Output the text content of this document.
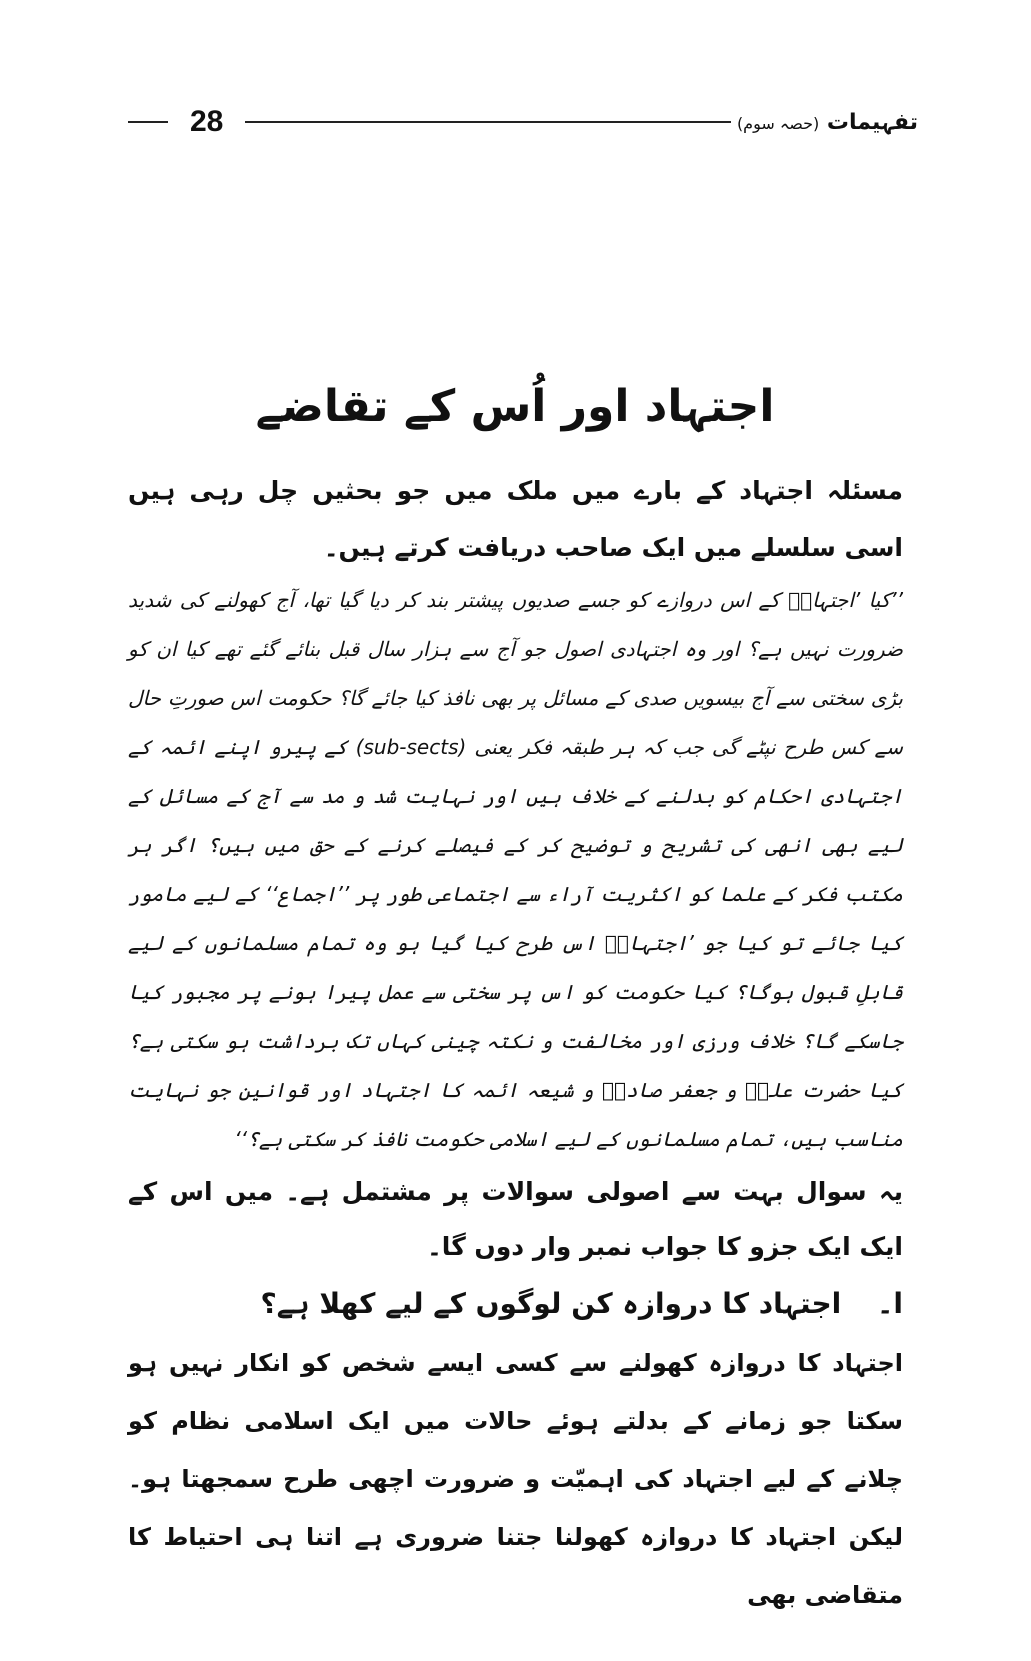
28	تفہیمات (حصہ سوم)
اجتہاد اور اُس کے تقاضے

مسئلہ اجتہاد کے بارے میں ملک میں جو بحثیں چل رہی ہیں اسی سلسلے میں ایک صاحب دریافت کرتے ہیں۔

’’کیا ’اجتہادؑ کے اس دروازے کو جسے صدیوں پیشتر بند کر دیا گیا تھا، آج کھولنے کی شدید ضرورت نہیں ہے؟ اور وہ اجتہادی اصول جو آج سے ہزار سال قبل بنائے گئے تھے کیا ان کو بڑی سختی سے آج بیسویں صدی کے مسائل پر بھی نافذ کیا جائے گا؟ حکومت اس صورتِ حال سے کس طرح نپٹے گی جب کہ ہر طبقہ فکر یعنی (sub-sects) کے پیرو اپنے ائمہ کے اجتہادی احکام کو بدلنے کے خلاف ہیں اور نہایت شد و مد سے آج کے مسائل کے لیے بھی انھی کی تشریح و توضیح کر کے فیصلے کرنے کے حق میں ہیں؟ اگر ہر مکتب فکر کے علما کو اکثریت آراء سے اجتماعی طور پر ’’اجماع‘‘ کے لیے مامور کیا جائے تو کیا جو ’اجتہادؑ اس طرح کیا گیا ہو وہ تمام مسلمانوں کے لیے قابلِ قبول ہوگا؟ کیا حکومت کو اس پر سختی سے عمل پیرا ہونے پر مجبور کیا جاسکے گا؟ خلاف ورزی اور مخالفت و نکتہ چینی کہاں تک برداشت ہو سکتی ہے؟ کیا حضرت علیؓ و جعفر صادقؒ و شیعہ ائمہ کا اجتہاد اور قوانین جو نہایت مناسب ہیں، تمام مسلمانوں کے لیے اسلامی حکومت نافذ کر سکتی ہے؟‘‘

یہ سوال بہت سے اصولی سوالات پر مشتمل ہے۔ میں اس کے ایک ایک جزو کا جواب نمبر وار دوں گا۔

ا۔ اجتہاد کا دروازہ کن لوگوں کے لیے کھلا ہے؟

اجتہاد کا دروازہ کھولنے سے کسی ایسے شخص کو انکار نہیں ہو سکتا جو زمانے کے بدلتے ہوئے حالات میں ایک اسلامی نظام کو چلانے کے لیے اجتہاد کی اہمیّت و ضرورت اچھی طرح سمجھتا ہو۔ لیکن اجتہاد کا دروازہ کھولنا جتنا ضروری ہے اتنا ہی احتیاط کا متقاضی بھی
